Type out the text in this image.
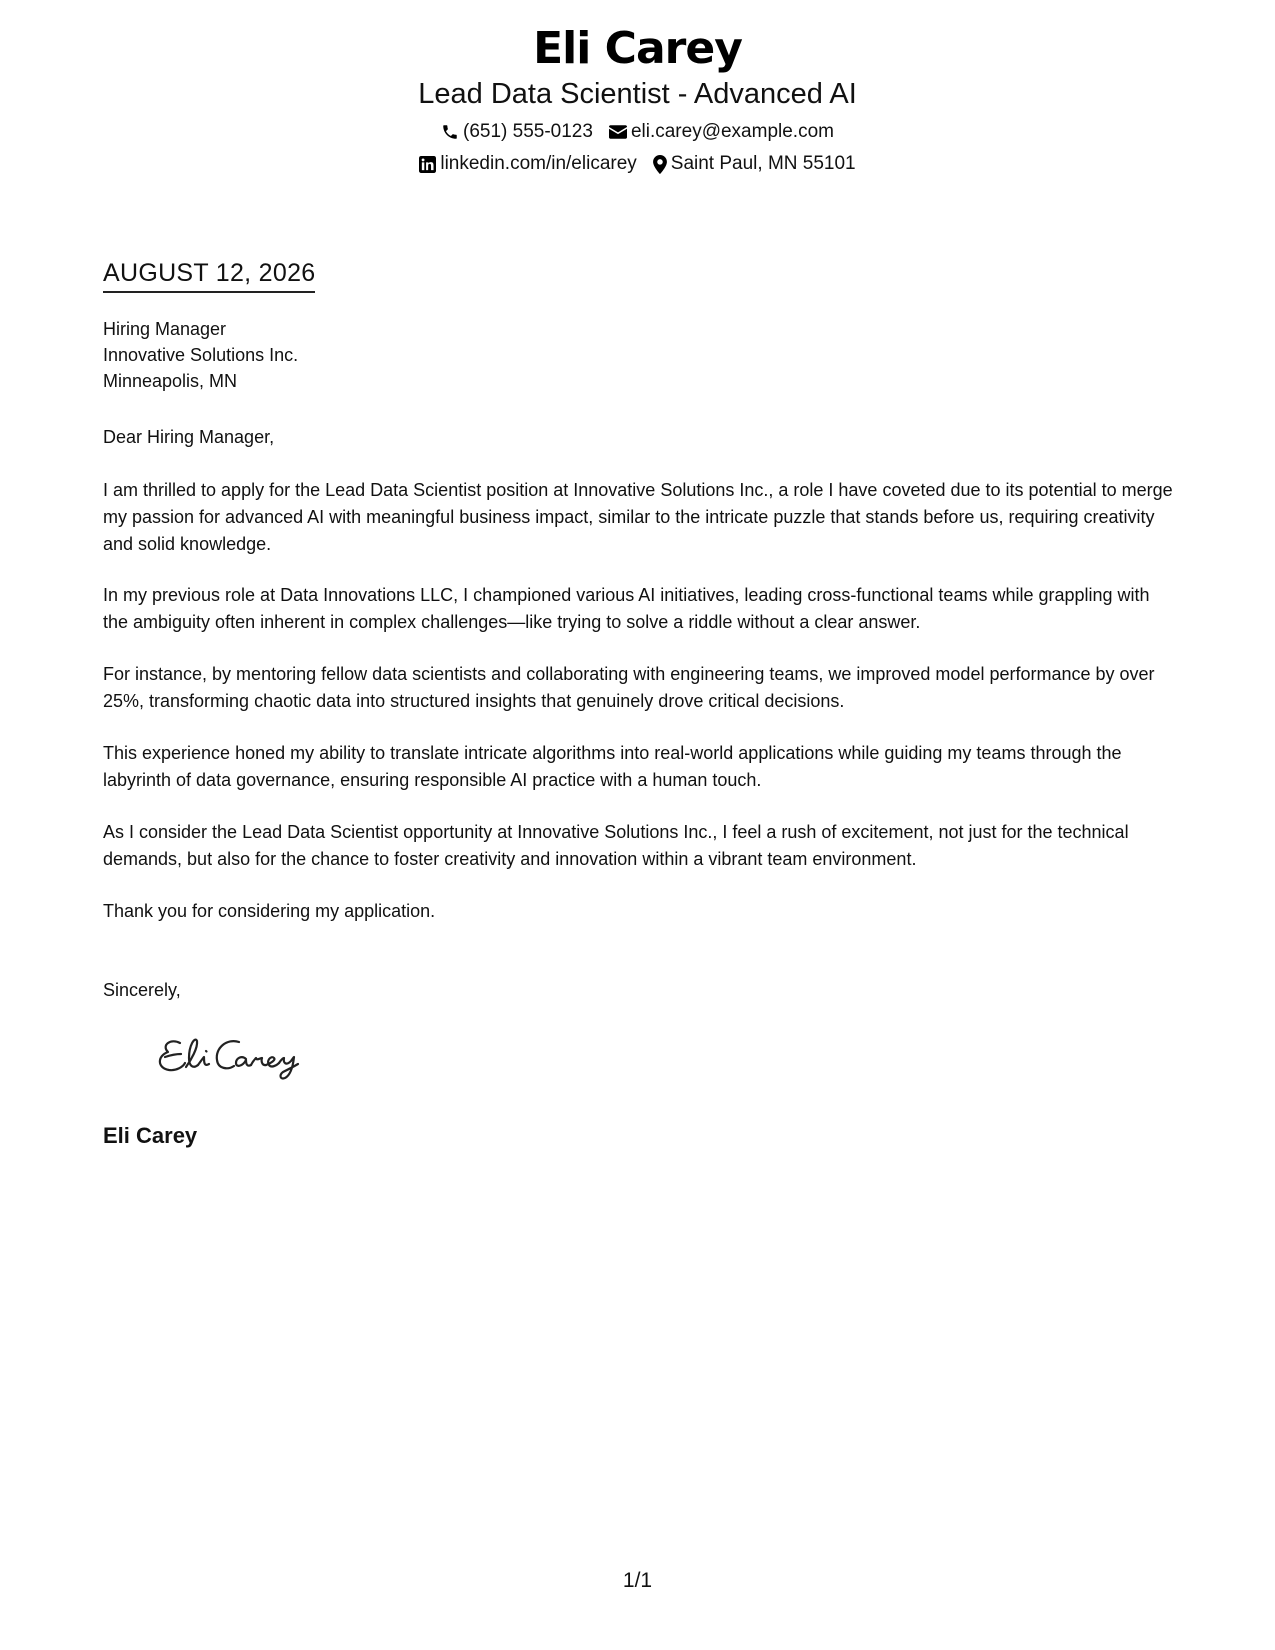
Eli Carey
Lead Data Scientist - Advanced AI
(651) 555-0123 eli.carey@example.com
linkedin.com/in/elicarey Saint Paul, MN 55101
AUGUST 12, 2026
Hiring Manager
Innovative Solutions Inc.
Minneapolis, MN
Dear Hiring Manager,

I am thrilled to apply for the Lead Data Scientist position at Innovative Solutions Inc., a role I have coveted due to its potential to merge my passion for advanced AI with meaningful business impact, similar to the intricate puzzle that stands before us, requiring creativity and solid knowledge.

In my previous role at Data Innovations LLC, I championed various AI initiatives, leading cross-functional teams while grappling with the ambiguity often inherent in complex challenges—like trying to solve a riddle without a clear answer.

For instance, by mentoring fellow data scientists and collaborating with engineering teams, we improved model performance by over 25%, transforming chaotic data into structured insights that genuinely drove critical decisions.

This experience honed my ability to translate intricate algorithms into real-world applications while guiding my teams through the labyrinth of data governance, ensuring responsible AI practice with a human touch.

As I consider the Lead Data Scientist opportunity at Innovative Solutions Inc., I feel a rush of excitement, not just for the technical demands, but also for the chance to foster creativity and innovation within a vibrant team environment.

Thank you for considering my application.

Sincerely,
Eli Carey
1/1
